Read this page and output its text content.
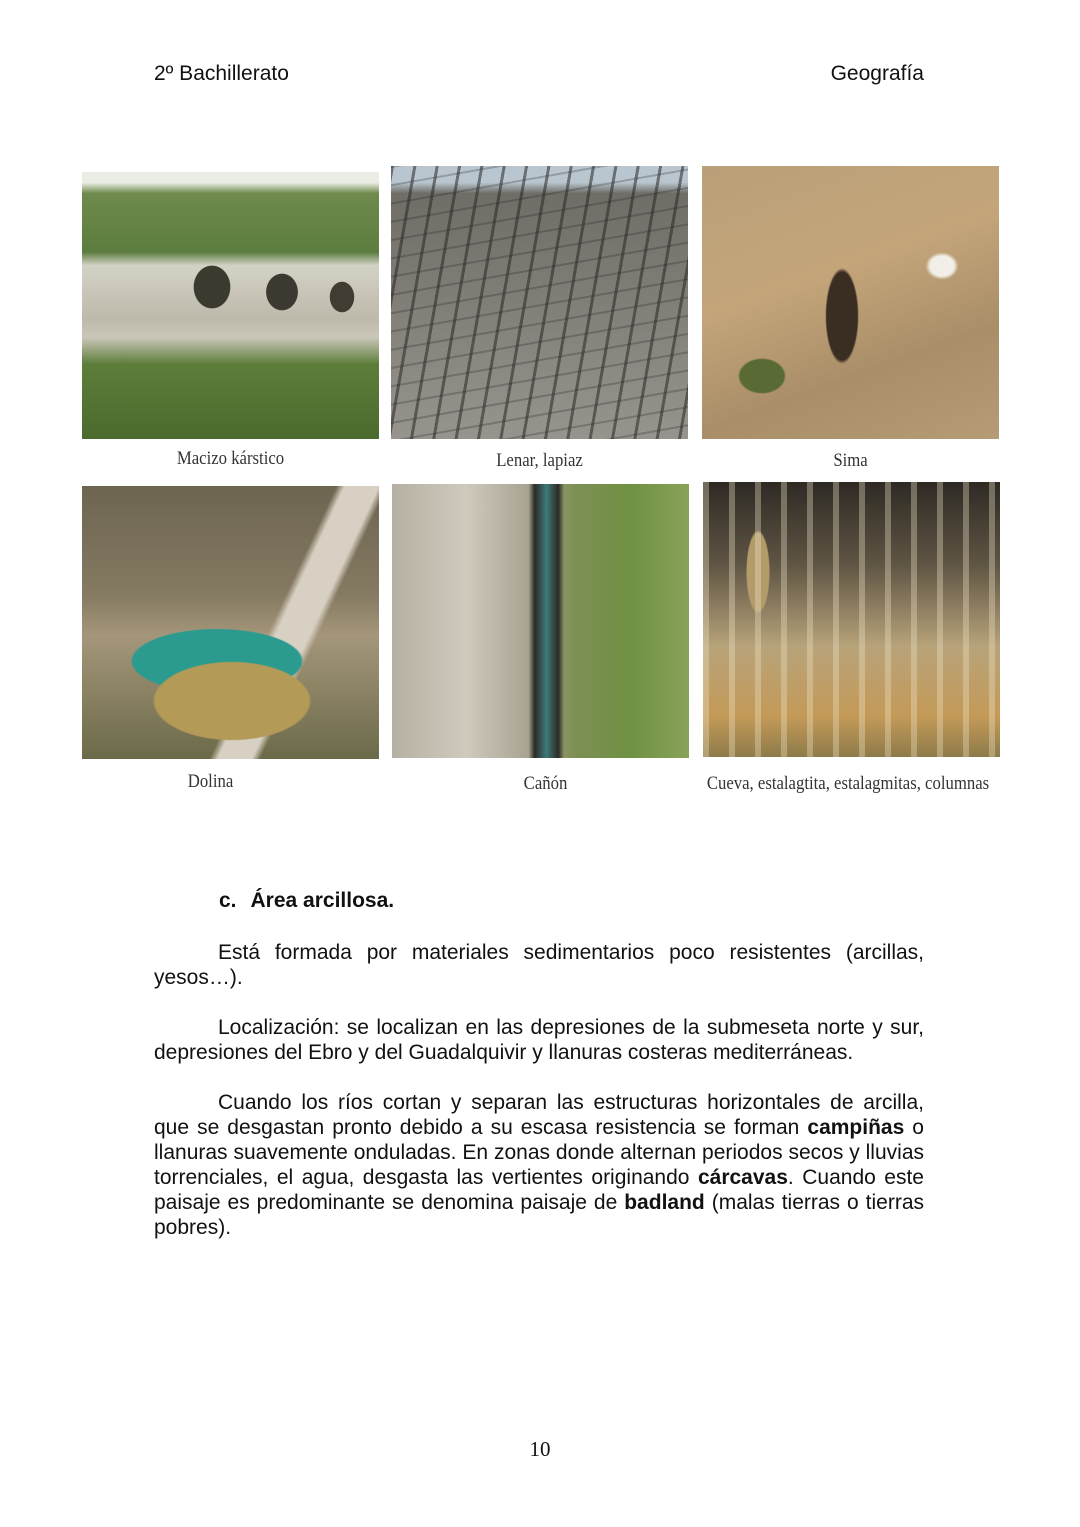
2º Bachillerato	Geografía
Macizo kárstico	Lenar, lapiaz	Sima
Dolina	Cañón	Cueva, estalagtita, estalagmitas, columnas
c. Área arcillosa.

Está formada por materiales sedimentarios poco resistentes (arcillas, yesos…).

Localización: se localizan en las depresiones de la submeseta norte y sur, depresiones del Ebro y del Guadalquivir y llanuras costeras mediterráneas.

Cuando los ríos cortan y separan las estructuras horizontales de arcilla, que se desgastan pronto debido a su escasa resistencia se forman campiñas o llanuras suavemente onduladas. En zonas donde alternan periodos secos y lluvias torrenciales, el agua, desgasta las vertientes originando cárcavas. Cuando este paisaje es predominante se denomina paisaje de badland (malas tierras o tierras pobres).

10
